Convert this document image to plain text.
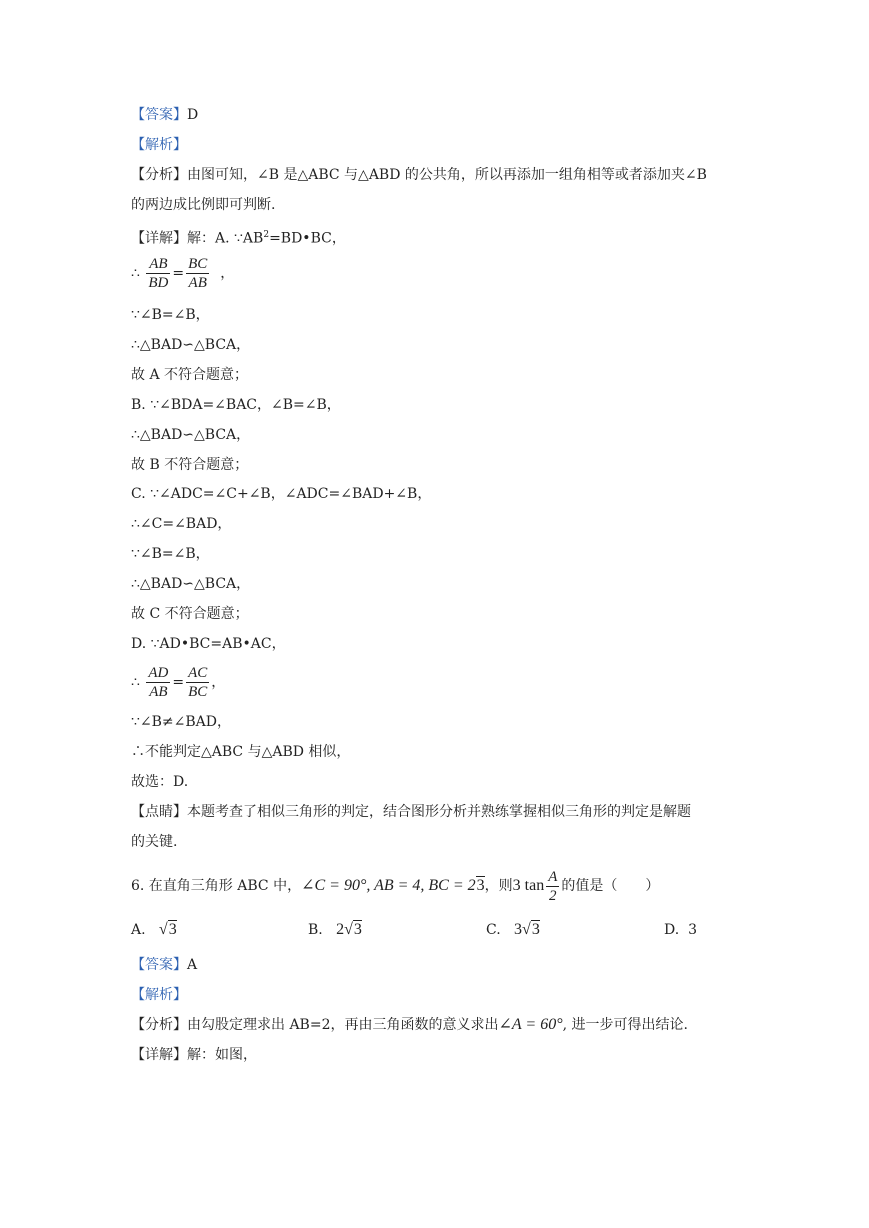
【答案】D
【解析】
【分析】由图可知，∠B 是△ABC 与△ABD 的公共角，所以再添加一组角相等或者添加夹∠B
的两边成比例即可判断.
【详解】解：A. $\because AB^2=BD•BC$，
∴ $\frac{AB}{BD} = \frac{BC}{AB}$ ，
∵∠B=∠B，
∴△BAD∽△BCA，
故 A 不符合题意；
B. ∵∠BDA=∠BAC，∠B=∠B，
∴△BAD∽△BCA，
故 B 不符合题意；
C. ∵∠ADC=∠C+∠B，∠ADC=∠BAD+∠B，
∴∠C=∠BAD，
∵∠B=∠B，
∴△BAD∽△BCA，
故 C 不符合题意；
D. ∵AD•BC=AB•AC，
∴ $\frac{AD}{AB} = \frac{AC}{BC}$ ，
∵∠B≠∠BAD，
∴不能判定△ABC 与△ABD 相似，
故选：D.
【点睛】本题考查了相似三角形的判定，结合图形分析并熟练掌握相似三角形的判定是解题
的关键.
6. 在直角三角形 ABC 中，∠C = 90°, AB = 4, BC = 23，则3 $\tan \frac{A}{2}$ 的值是（　　）
A. √3	B. 2√3	C. 3√3	D. 3
【答案】A
【解析】
【分析】由勾股定理求出 AB=2，再由三角函数的意义求出∠A = 60°, 进一步可得出结论.
【详解】解：如图，
